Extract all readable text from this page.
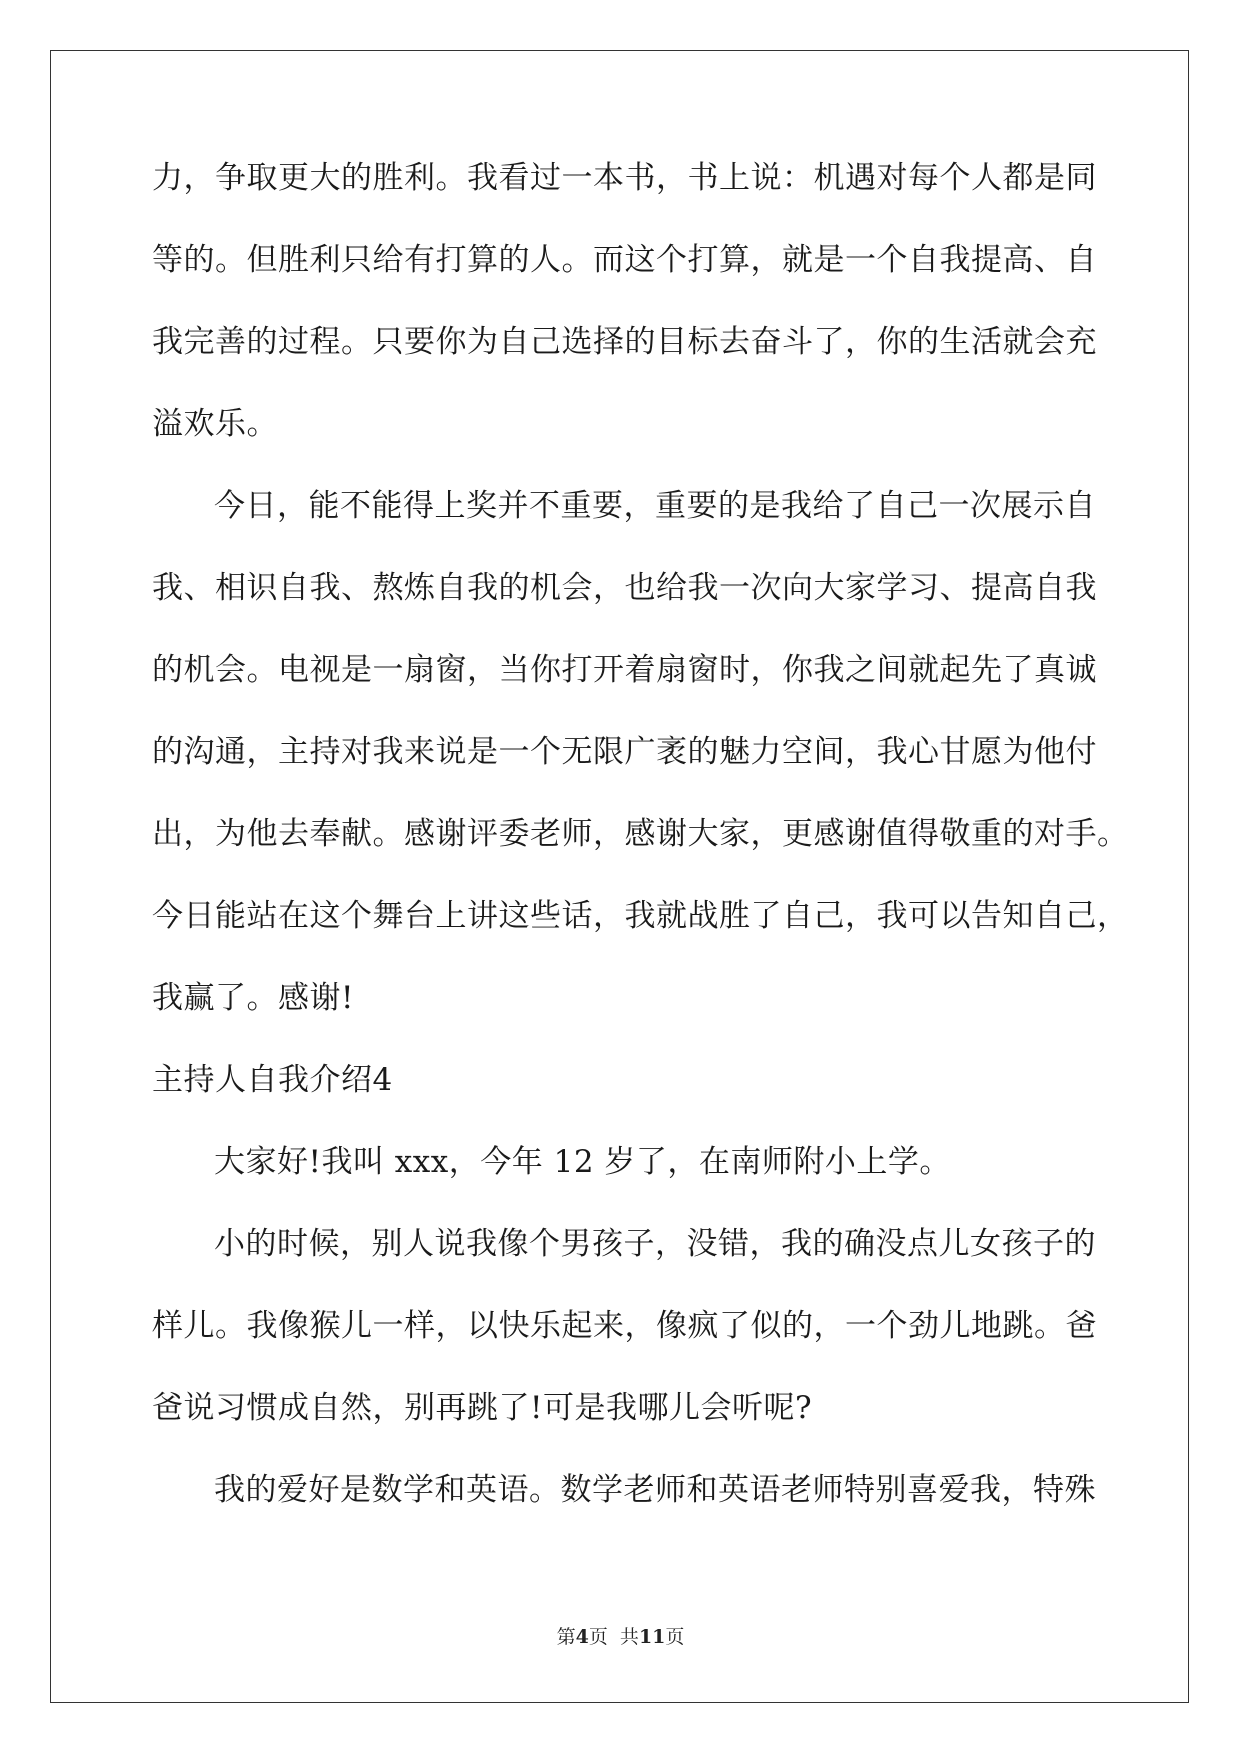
力，争取更大的胜利。我看过一本书，书上说：机遇对每个人都是同
等的。但胜利只给有打算的人。而这个打算，就是一个自我提高、自
我完善的过程。只要你为自己选择的目标去奋斗了，你的生活就会充
溢欢乐。
今日，能不能得上奖并不重要，重要的是我给了自己一次展示自
我、相识自我、熬炼自我的机会，也给我一次向大家学习、提高自我
的机会。电视是一扇窗，当你打开着扇窗时，你我之间就起先了真诚
的沟通，主持对我来说是一个无限广袤的魅力空间，我心甘愿为他付
出，为他去奉献。感谢评委老师，感谢大家，更感谢值得敬重的对手。
今日能站在这个舞台上讲这些话，我就战胜了自己，我可以告知自己，
我赢了。感谢!
主持人自我介绍4
大家好!我叫 xxx，今年 12 岁了，在南师附小上学。
小的时候，别人说我像个男孩子，没错，我的确没点儿女孩子的
样儿。我像猴儿一样，以快乐起来，像疯了似的，一个劲儿地跳。爸
爸说习惯成自然，别再跳了!可是我哪儿会听呢?
我的爱好是数学和英语。数学老师和英语老师特别喜爱我，特殊
第4页  共11页
